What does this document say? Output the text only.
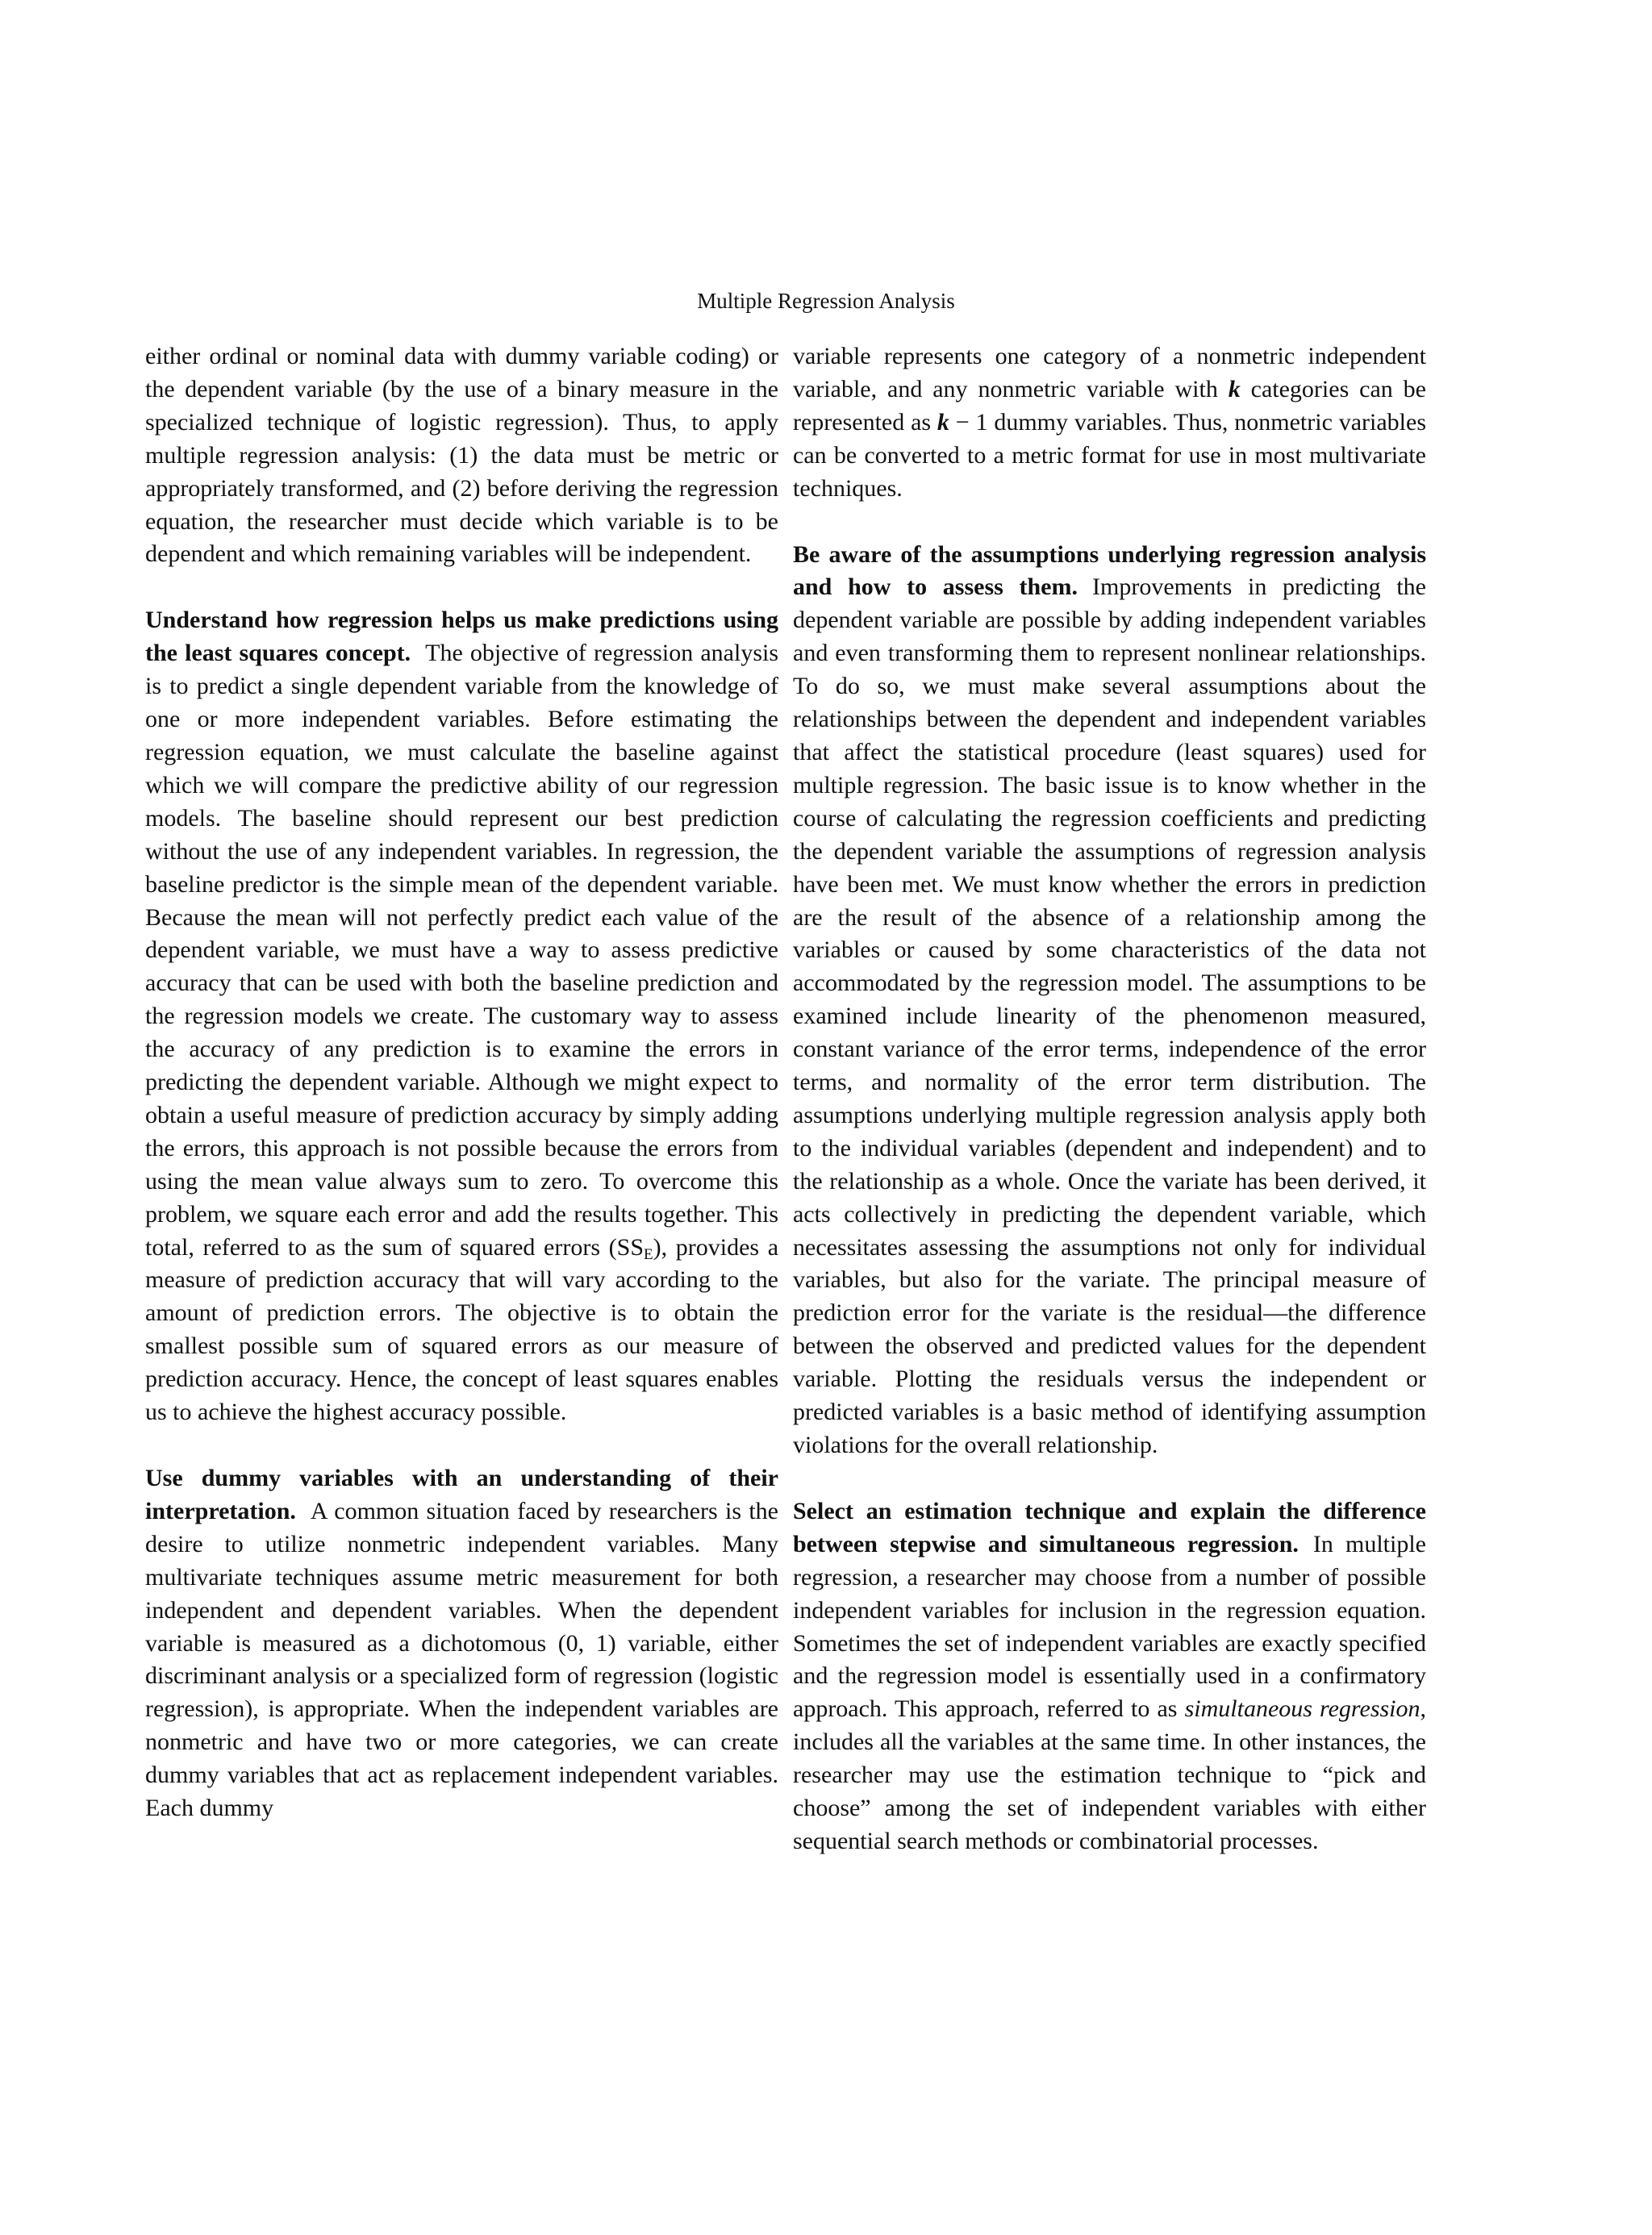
Multiple Regression Analysis

either ordinal or nominal data with dummy variable coding) or the dependent variable (by the use of a binary measure in the specialized technique of logistic regression). Thus, to apply multiple regression analysis: (1) the data must be metric or appropriately transformed, and (2) before deriving the regression equation, the researcher must decide which variable is to be dependent and which remaining variables will be independent.

Understand how regression helps us make predictions using the least squares concept. The objective of regression analysis is to predict a single dependent variable from the knowledge of one or more independent variables. Before estimating the regression equation, we must calculate the baseline against which we will compare the predictive ability of our regression models. The baseline should represent our best prediction without the use of any independent variables. In regression, the baseline predictor is the simple mean of the dependent variable. Because the mean will not perfectly predict each value of the dependent variable, we must have a way to assess predictive accuracy that can be used with both the baseline prediction and the regression models we create. The customary way to assess the accuracy of any prediction is to examine the errors in predicting the dependent variable. Although we might expect to obtain a useful measure of prediction accuracy by simply adding the errors, this approach is not possible because the errors from using the mean value always sum to zero. To overcome this problem, we square each error and add the results together. This total, referred to as the sum of squared errors $(SS_E)$, provides a measure of prediction accuracy that will vary according to the amount of prediction errors. The objective is to obtain the smallest possible sum of squared errors as our measure of prediction accuracy. Hence, the concept of least squares enables us to achieve the highest accuracy possible.

Use dummy variables with an understanding of their interpretation. A common situation faced by researchers is the desire to utilize nonmetric independent variables. Many multivariate techniques assume metric measurement for both independent and dependent variables. When the dependent variable is measured as a dichotomous (0, 1) variable, either discriminant analysis or a specialized form of regression (logistic regression), is appropriate. When the independent variables are nonmetric and have two or more categories, we can create dummy variables that act as replacement independent variables. Each dummy

variable represents one category of a nonmetric independent variable, and any nonmetric variable with k categories can be represented as k − 1 dummy variables. Thus, nonmetric variables can be converted to a metric format for use in most multivariate techniques.

Be aware of the assumptions underlying regression analysis and how to assess them. Improvements in predicting the dependent variable are possible by adding independent variables and even transforming them to represent nonlinear relationships. To do so, we must make several assumptions about the relationships between the dependent and independent variables that affect the statistical procedure (least squares) used for multiple regression. The basic issue is to know whether in the course of calculating the regression coefficients and predicting the dependent variable the assumptions of regression analysis have been met. We must know whether the errors in prediction are the result of the absence of a relationship among the variables or caused by some characteristics of the data not accommodated by the regression model. The assumptions to be examined include linearity of the phenomenon measured, constant variance of the error terms, independence of the error terms, and normality of the error term distribution. The assumptions underlying multiple regression analysis apply both to the individual variables (dependent and independent) and to the relationship as a whole. Once the variate has been derived, it acts collectively in predicting the dependent variable, which necessitates assessing the assumptions not only for individual variables, but also for the variate. The principal measure of prediction error for the variate is the residual—the difference between the observed and predicted values for the dependent variable. Plotting the residuals versus the independent or predicted variables is a basic method of identifying assumption violations for the overall relationship.

Select an estimation technique and explain the difference between stepwise and simultaneous regression. In multiple regression, a researcher may choose from a number of possible independent variables for inclusion in the regression equation. Sometimes the set of independent variables are exactly specified and the regression model is essentially used in a confirmatory approach. This approach, referred to as simultaneous regression, includes all the variables at the same time. In other instances, the researcher may use the estimation technique to “pick and choose” among the set of independent variables with either sequential search methods or combinatorial processes.
